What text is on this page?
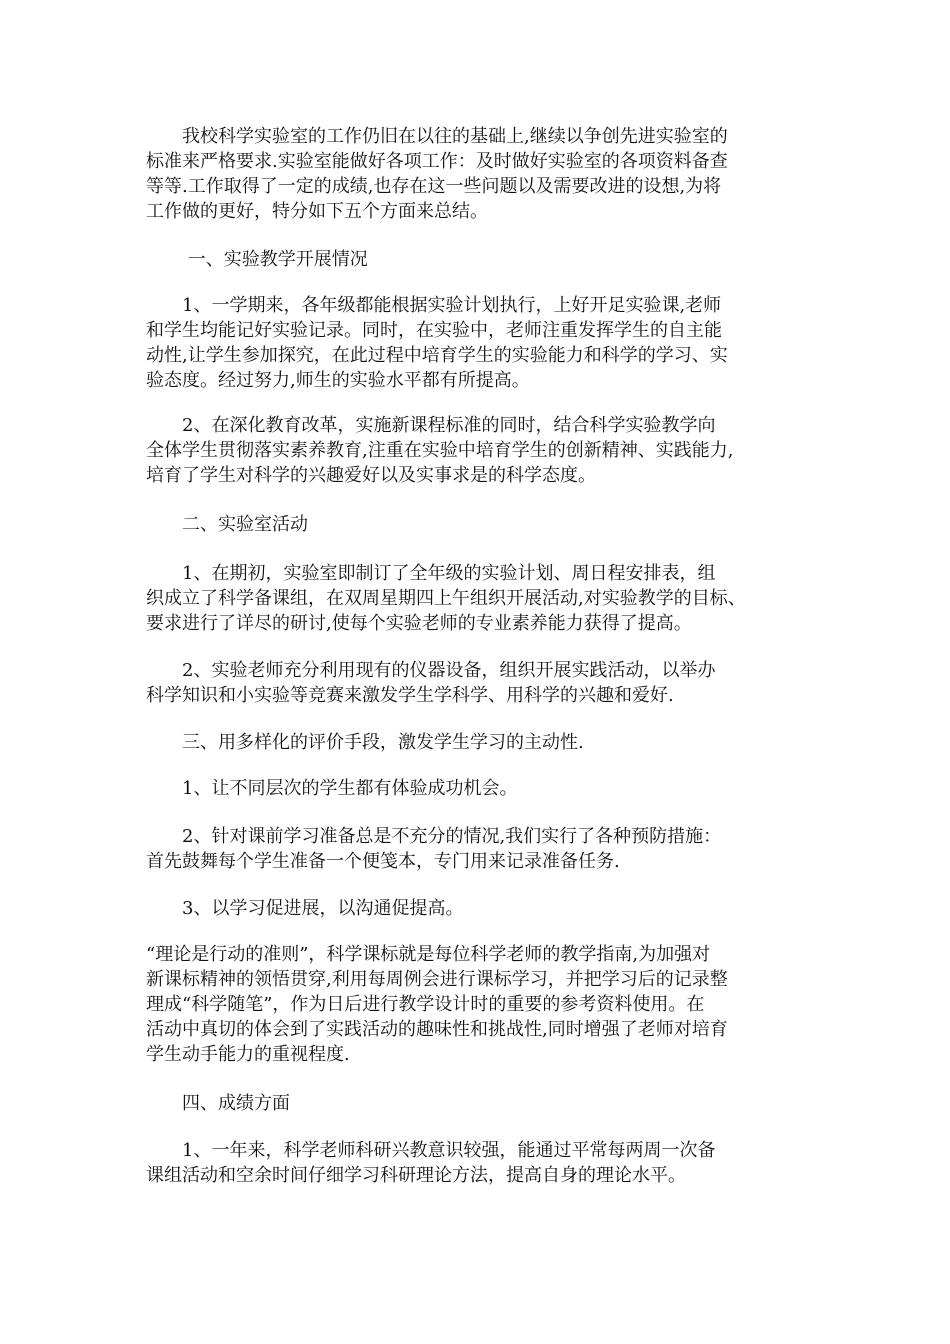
　　我校科学实验室的工作仍旧在以往的基础上,继续以争创先进实验室的
标准来严格要求.实验室能做好各项工作：及时做好实验室的各项资料备查
等等.工作取得了一定的成绩,也存在这一些问题以及需要改进的设想,为将
工作做的更好，特分如下五个方面来总结。
　　 一、实验教学开展情况
　　1、一学期来，各年级都能根据实验计划执行，上好开足实验课,老师
和学生均能记好实验记录。同时，在实验中，老师注重发挥学生的自主能
动性,让学生参加探究，在此过程中培育学生的实验能力和科学的学习、实
验态度。经过努力,师生的实验水平都有所提高。
　　2、在深化教育改革，实施新课程标准的同时，结合科学实验教学向
全体学生贯彻落实素养教育,注重在实验中培育学生的创新精神、实践能力,
培育了学生对科学的兴趣爱好以及实事求是的科学态度。
　　二、实验室活动
　　1、在期初，实验室即制订了全年级的实验计划、周日程安排表，组
织成立了科学备课组，在双周星期四上午组织开展活动,对实验教学的目标、
要求进行了详尽的研讨,使每个实验老师的专业素养能力获得了提高。
　　2、实验老师充分利用现有的仪器设备，组织开展实践活动，以举办
科学知识和小实验等竞赛来激发学生学科学、用科学的兴趣和爱好.
　　三、用多样化的评价手段，激发学生学习的主动性.
　　1、让不同层次的学生都有体验成功机会。
　　2、针对课前学习准备总是不充分的情况,我们实行了各种预防措施：
首先鼓舞每个学生准备一个便笺本，专门用来记录准备任务.
　　3、以学习促进展，以沟通促提高。
“理论是行动的准则”，科学课标就是每位科学老师的教学指南,为加强对
新课标精神的领悟贯穿,利用每周例会进行课标学习，并把学习后的记录整
理成“科学随笔”，作为日后进行教学设计时的重要的参考资料使用。在
活动中真切的体会到了实践活动的趣味性和挑战性,同时增强了老师对培育
学生动手能力的重视程度.
　　四、成绩方面
　　1、一年来，科学老师科研兴教意识较强，能通过平常每两周一次备
课组活动和空余时间仔细学习科研理论方法，提高自身的理论水平。
